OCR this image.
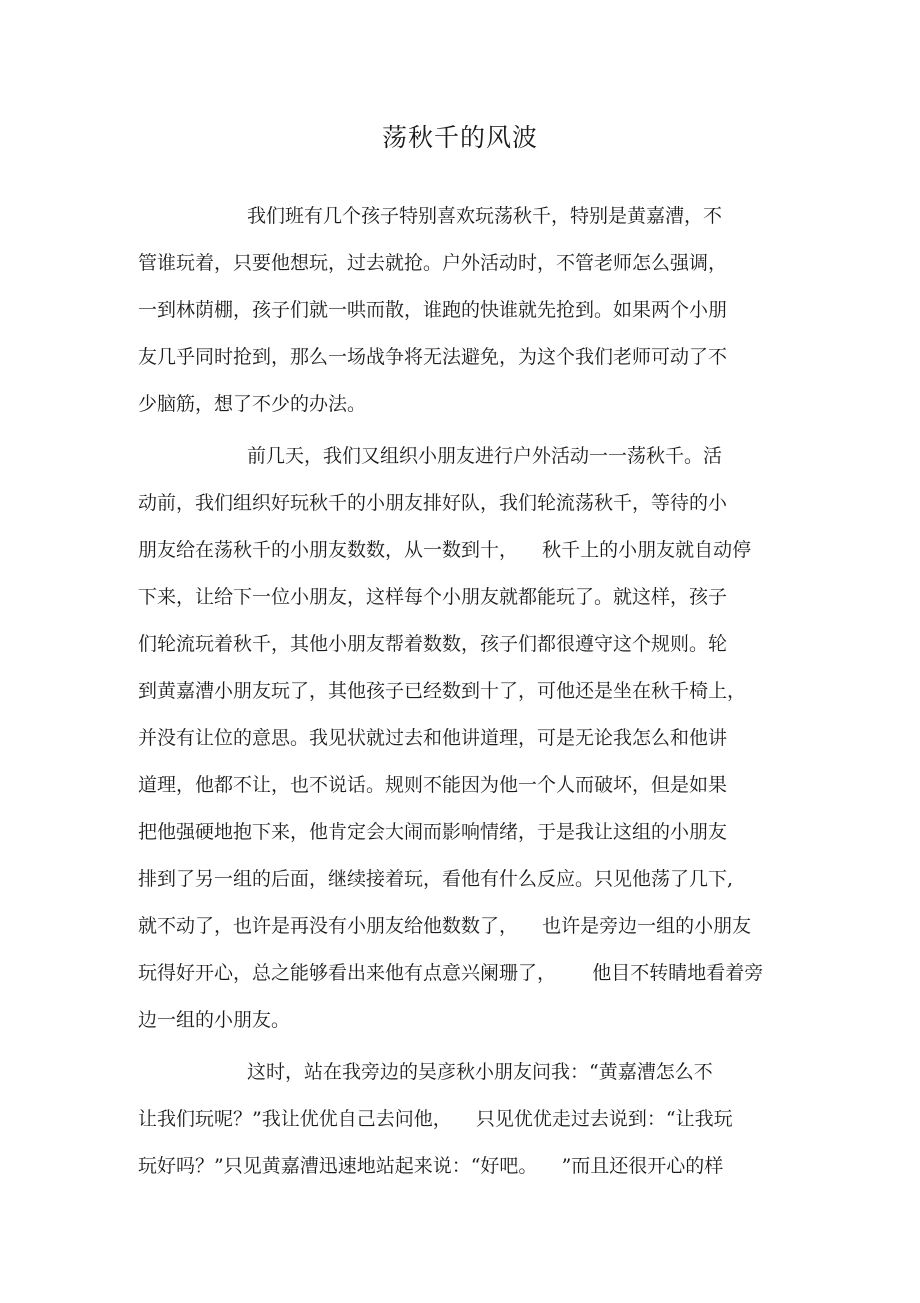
荡秋千的风波

我们班有几个孩子特别喜欢玩荡秋千，特别是黄嘉漕，不

管谁玩着，只要他想玩，过去就抢。户外活动时，不管老师怎么强调，

一到林荫棚，孩子们就一哄而散，谁跑的快谁就先抢到。如果两个小朋

友几乎同时抢到，那么一场战争将无法避免，为这个我们老师可动了不

少脑筋，想了不少的办法。

前几天，我们又组织小朋友进行户外活动一一荡秋千。活

动前，我们组织好玩秋千的小朋友排好队，我们轮流荡秋千，等待的小

朋友给在荡秋千的小朋友数数，从一数到十，    秋千上的小朋友就自动停

下来，让给下一位小朋友，这样每个小朋友就都能玩了。就这样，孩子

们轮流玩着秋千，其他小朋友帮着数数，孩子们都很遵守这个规则。轮

到黄嘉漕小朋友玩了，其他孩子已经数到十了，可他还是坐在秋千椅上，

并没有让位的意思。我见状就过去和他讲道理，可是无论我怎么和他讲

道理，他都不让，也不说话。规则不能因为他一个人而破坏，但是如果

把他强硬地抱下来，他肯定会大闹而影响情绪，于是我让这组的小朋友

排到了另一组的后面，继续接着玩，看他有什么反应。只见他荡了几下,

就不动了，也许是再没有小朋友给他数数了，    也许是旁边一组的小朋友

玩得好开心，总之能够看出来他有点意兴阑珊了，      他目不转睛地看着旁

边一组的小朋友。

这时，站在我旁边的吴彦秋小朋友问我：“黄嘉漕怎么不

让我们玩呢？”我让优优自己去问他，    只见优优走过去说到：“让我玩

玩好吗？”只见黄嘉漕迅速地站起来说：“好吧。    ”而且还很开心的样
